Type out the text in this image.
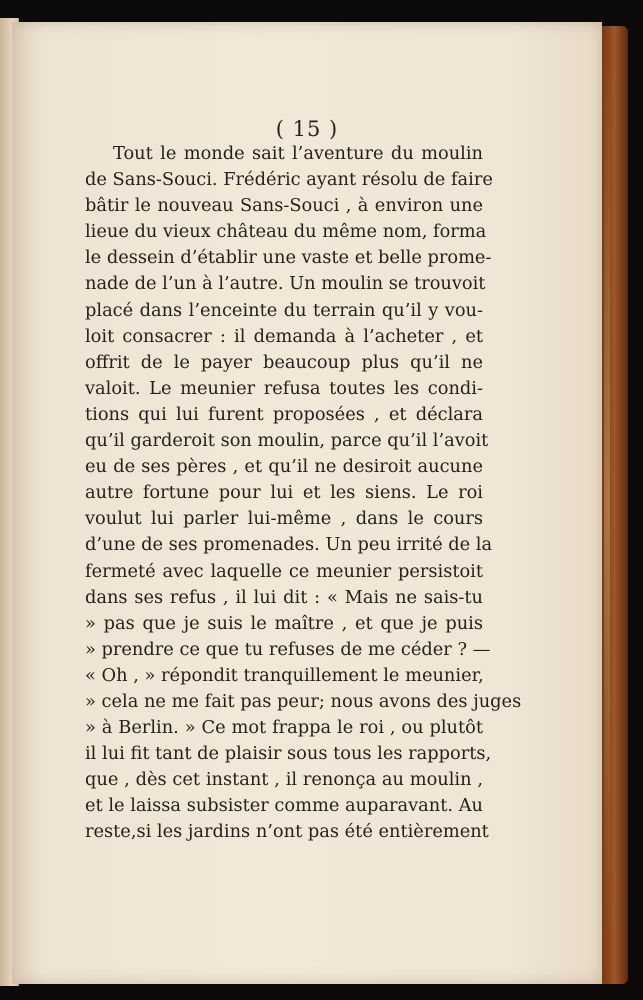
( 15 )
Tout le monde sait l’aventure du moulin
de Sans-Souci. Frédéric ayant résolu de faire
bâtir le nouveau Sans-Souci , à environ une
lieue du vieux château du même nom, forma
le dessein d’établir une vaste et belle prome-
nade de l’un à l’autre. Un moulin se trouvoit
placé dans l’enceinte du terrain qu’il y vou-
loit consacrer : il demanda à l’acheter , et
offrit de le payer beaucoup plus qu’il ne
valoit. Le meunier refusa toutes les condi-
tions qui lui furent proposées , et déclara
qu’il garderoit son moulin, parce qu’il l’avoit
eu de ses pères , et qu’il ne desiroit aucune
autre fortune pour lui et les siens. Le roi
voulut lui parler lui-même , dans le cours
d’une de ses promenades. Un peu irrité de la
fermeté avec laquelle ce meunier persistoit
dans ses refus , il lui dit : « Mais ne sais-tu
» pas que je suis le maître , et que je puis
» prendre ce que tu refuses de me céder ? —
« Oh , » répondit tranquillement le meunier,
» cela ne me fait pas peur; nous avons des juges
» à Berlin. » Ce mot frappa le roi , ou plutôt
il lui fit tant de plaisir sous tous les rapports,
que , dès cet instant , il renonça au moulin ,
et le laissa subsister comme auparavant. Au
reste,si les jardins n’ont pas été entièrement
